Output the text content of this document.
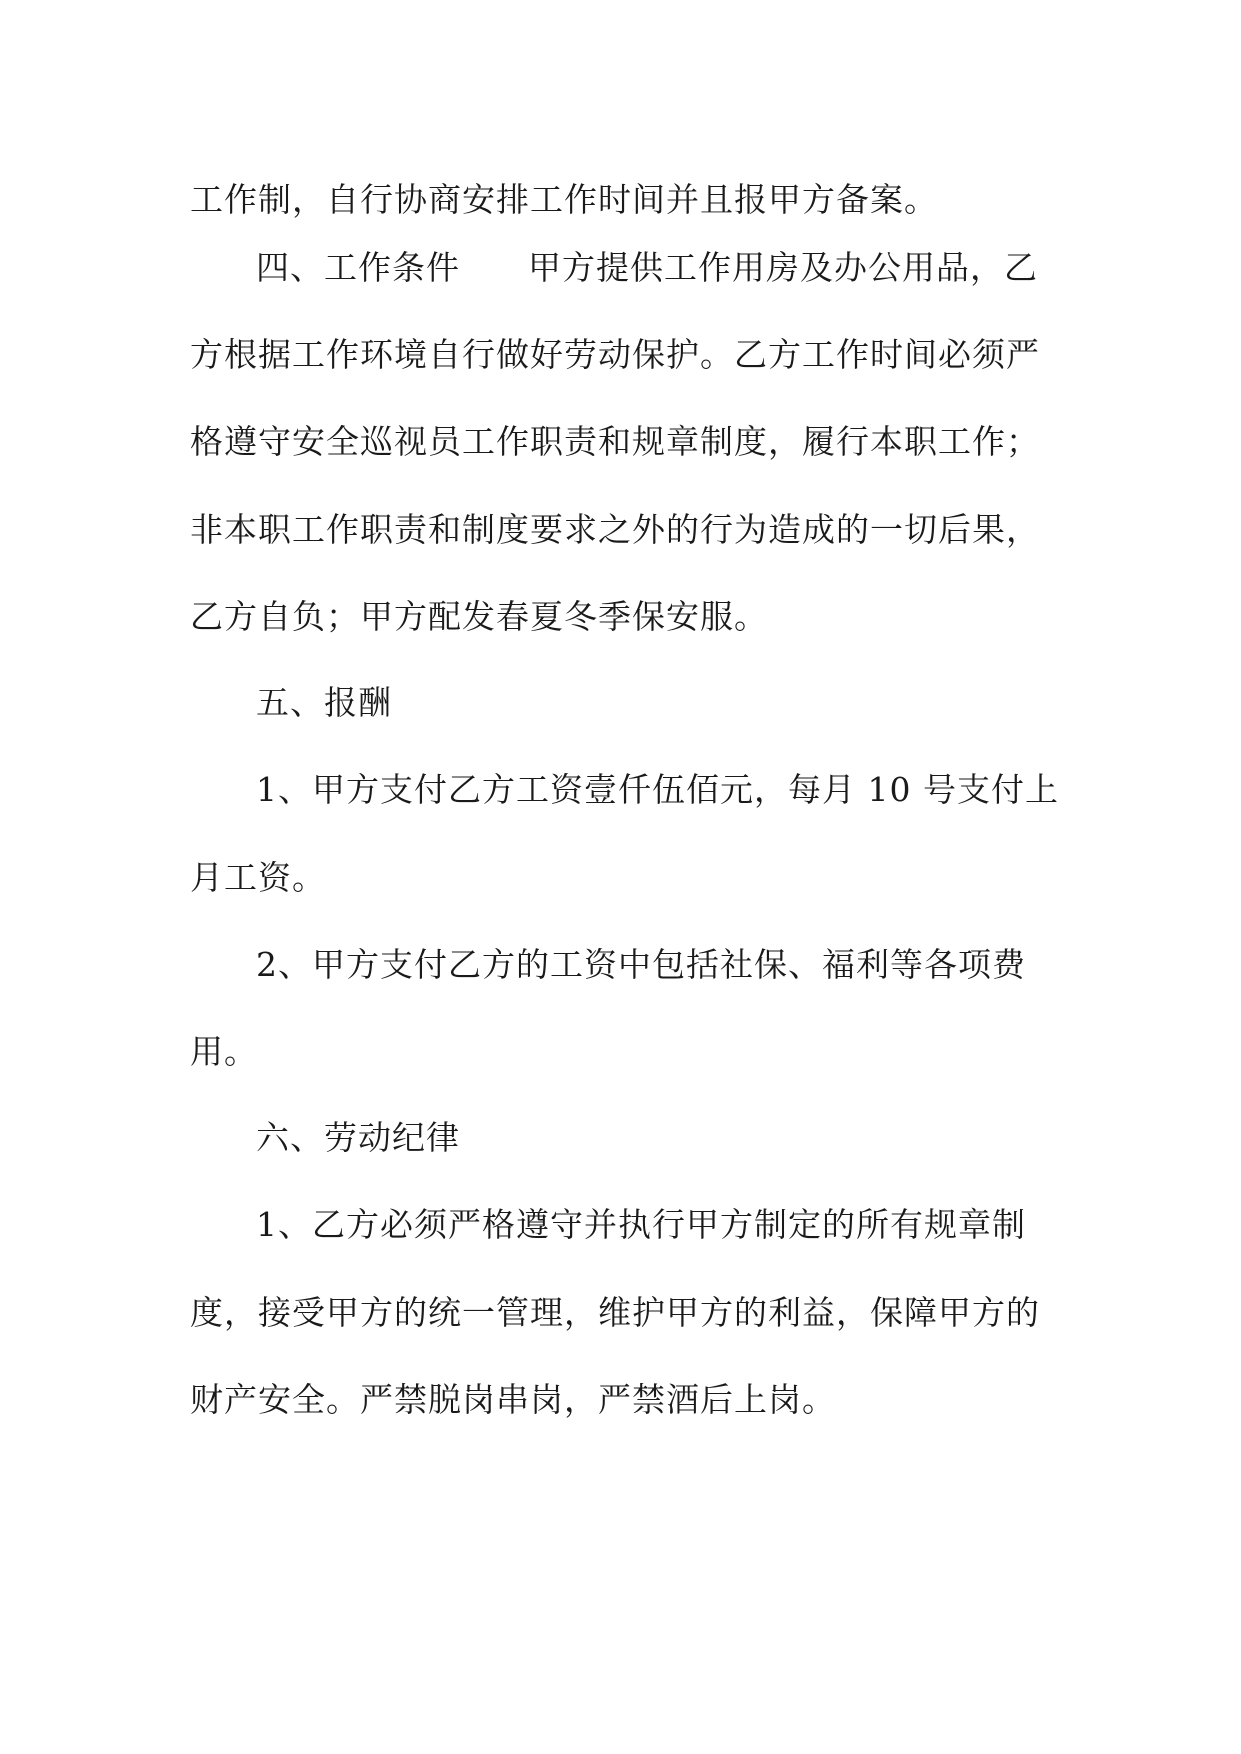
工作制，自行协商安排工作时间并且报甲方备案。
四、工作条件　　甲方提供工作用房及办公用品，乙
方根据工作环境自行做好劳动保护。乙方工作时间必须严
格遵守安全巡视员工作职责和规章制度，履行本职工作；
非本职工作职责和制度要求之外的行为造成的一切后果，
乙方自负；甲方配发春夏冬季保安服。
五、报酬
1、甲方支付乙方工资壹仟伍佰元，每月 10 号支付上
月工资。
2、甲方支付乙方的工资中包括社保、福利等各项费
用。
六、劳动纪律
1、乙方必须严格遵守并执行甲方制定的所有规章制
度，接受甲方的统一管理，维护甲方的利益，保障甲方的
财产安全。严禁脱岗串岗，严禁酒后上岗。
